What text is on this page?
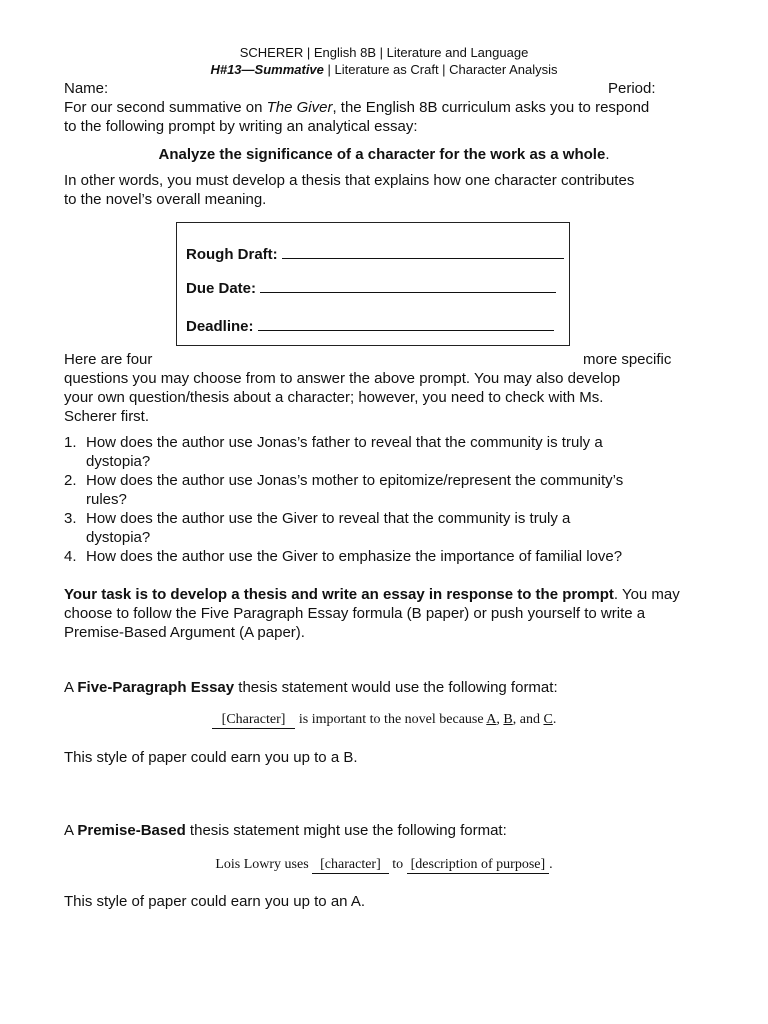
SCHERER | English 8B | Literature and Language
H#13—Summative | Literature as Craft | Character Analysis
Name:	Period:
For our second summative on The Giver, the English 8B curriculum asks you to respond
to the following prompt by writing an analytical essay:
Analyze the significance of a character for the work as a whole.
In other words, you must develop a thesis that explains how one character contributes
to the novel’s overall meaning.
Rough Draft:
Due Date:
Deadline:
Here are four	more specific
questions you may choose from to answer the above prompt. You may also develop
your own question/thesis about a character; however, you need to check with Ms.
Scherer first.
1. How does the author use Jonas’s father to reveal that the community is truly a
dystopia?
2. How does the author use Jonas’s mother to epitomize/represent the community’s
rules?
3. How does the author use the Giver to reveal that the community is truly a
dystopia?
4. How does the author use the Giver to emphasize the importance of familial love?
Your task is to develop a thesis and write an essay in response to the prompt. You may
choose to follow the Five Paragraph Essay formula (B paper) or push yourself to write a
Premise-Based Argument (A paper).
A Five-Paragraph Essay thesis statement would use the following format:
[Character] is important to the novel because A, B, and C.
This style of paper could earn you up to a B.
A Premise-Based thesis statement might use the following format:
Lois Lowry uses [character] to [description of purpose] .
This style of paper could earn you up to an A.
